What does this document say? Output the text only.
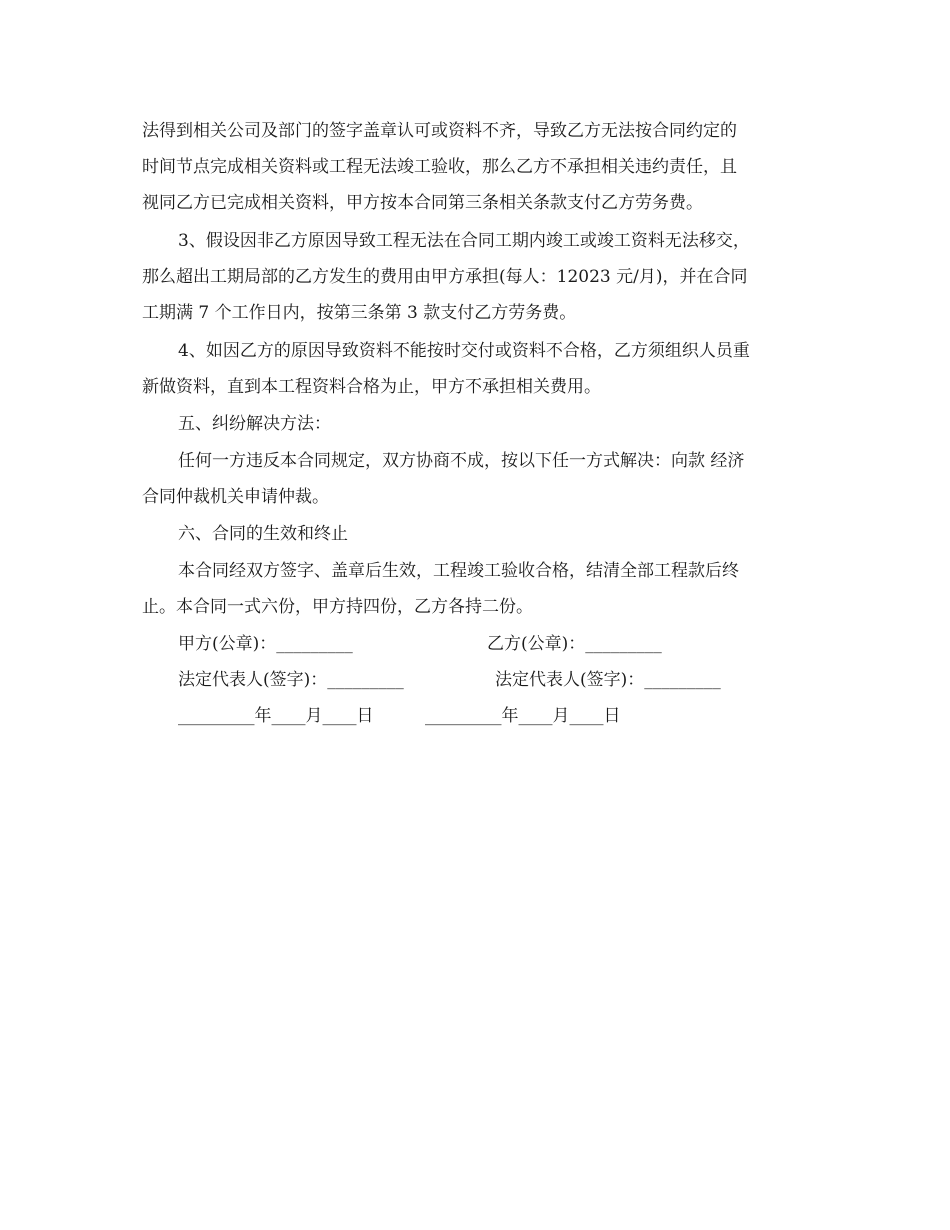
法得到相关公司及部门的签字盖章认可或资料不齐，导致乙方无法按合同约定的
时间节点完成相关资料或工程无法竣工验收，那么乙方不承担相关违约责任，且
视同乙方已完成相关资料，甲方按本合同第三条相关条款支付乙方劳务费。
3、假设因非乙方原因导致工程无法在合同工期内竣工或竣工资料无法移交，
那么超出工期局部的乙方发生的费用由甲方承担(每人：12023 元/月)，并在合同
工期满 7 个工作日内，按第三条第 3 款支付乙方劳务费。
4、如因乙方的原因导致资料不能按时交付或资料不合格，乙方须组织人员重
新做资料，直到本工程资料合格为止，甲方不承担相关费用。
五、纠纷解决方法：
任何一方违反本合同规定，双方协商不成，按以下任一方式解决：向款 经济
合同仲裁机关申请仲裁。
六、合同的生效和终止
本合同经双方签字、盖章后生效，工程竣工验收合格，结清全部工程款后终
止。本合同一式六份，甲方持四份，乙方各持二份。
甲方(公章)：_________	乙方(公章)：_________
法定代表人(签字)：_________	法定代表人(签字)：_________
_________年____月____日	_________年____月____日
